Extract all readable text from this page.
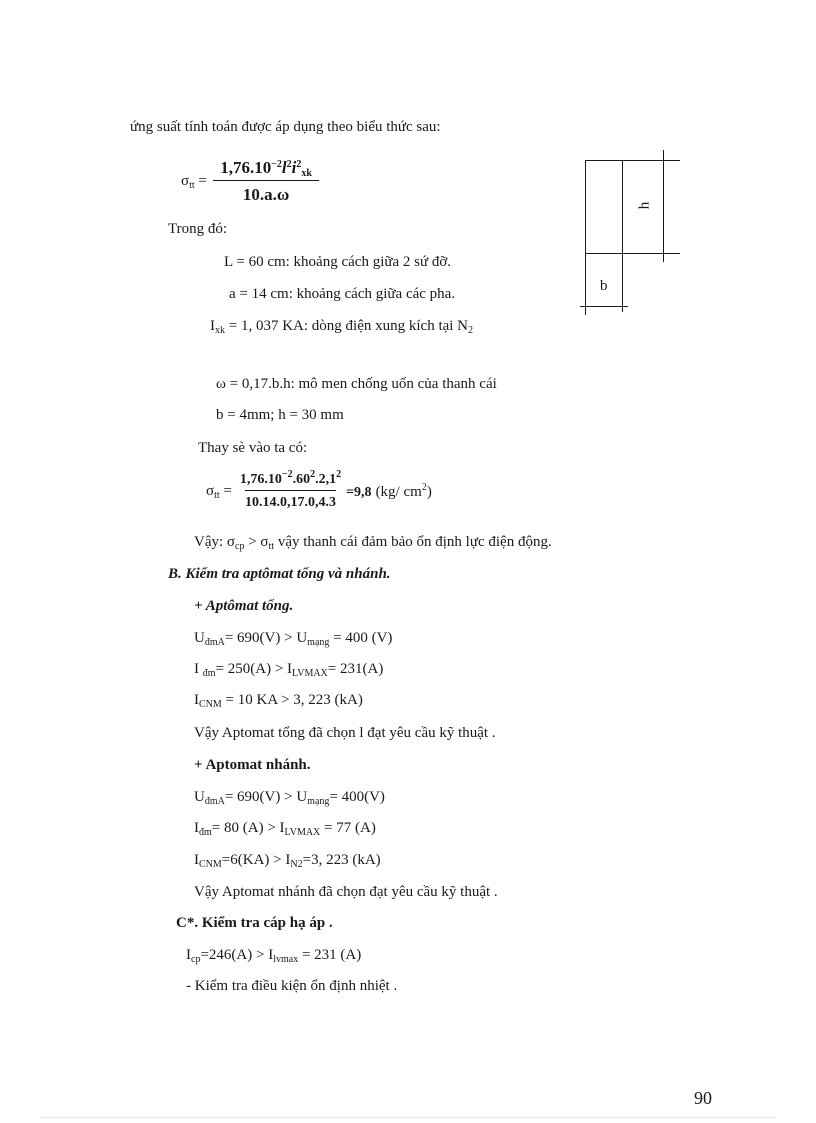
ứng suất tính toán được áp dụng theo biểu thức sau:
$\sigma_{tt} = \frac{1,76.10^{-2}l^2i^2_{xk}}{10.a.\omega}$
Trong đó:
L = 60 cm: khoảng cách giữa 2 sứ đỡ.
a = 14 cm: khoảng cách giữa các pha.
$I_{xk} = 1$, 037 KA: dòng điện xung kích tại $N_2$
ω = 0,17.b.h: mô men chống uốn của thanh cái
b = 4mm; h = 30 mm
Thay sè vào ta có:
$\sigma_{tt} = \frac{1,76.10^{-2}.60^2.2,1^2}{10.14.0,17.0,4.3} =9,8$ (kg/ $cm^2$)
Vậy: $\sigma_{cp} > \sigma_{tt}$ vậy thanh cái đảm bảo ổn định lực điện động.
B. Kiểm tra aptômat tổng và nhánh.
+ Aptômat tổng.
$U_{đmA}= 690(V) > U_{mạng} = 400$ (V)
I $_{đm}= 250(A) > I_{LVMAX}= 231(A)$
$I_{CNM} = 10$ KA > 3, 223 (kA)
Vậy Aptomat tổng đã chọn l đạt yêu cầu kỹ thuật .
+ Aptomat nhánh.
$U_{đmA}= 690(V) > U_{mạng}= 400(V)$
$I_{đm}= 80$ $(A) > I_{LVMAX} = 77$ (A)
$I_{CNM}=6(KA) > I_{N2}=3$, 223 (kA)
Vậy Aptomat nhánh đã chọn đạt yêu cầu kỹ thuật .
C*. Kiểm tra cáp hạ áp .
$I_{cp}=246(A) > I_{lvmax} = 231$ (A)
- Kiểm tra điều kiện ổn định nhiệt .
h
b
90
